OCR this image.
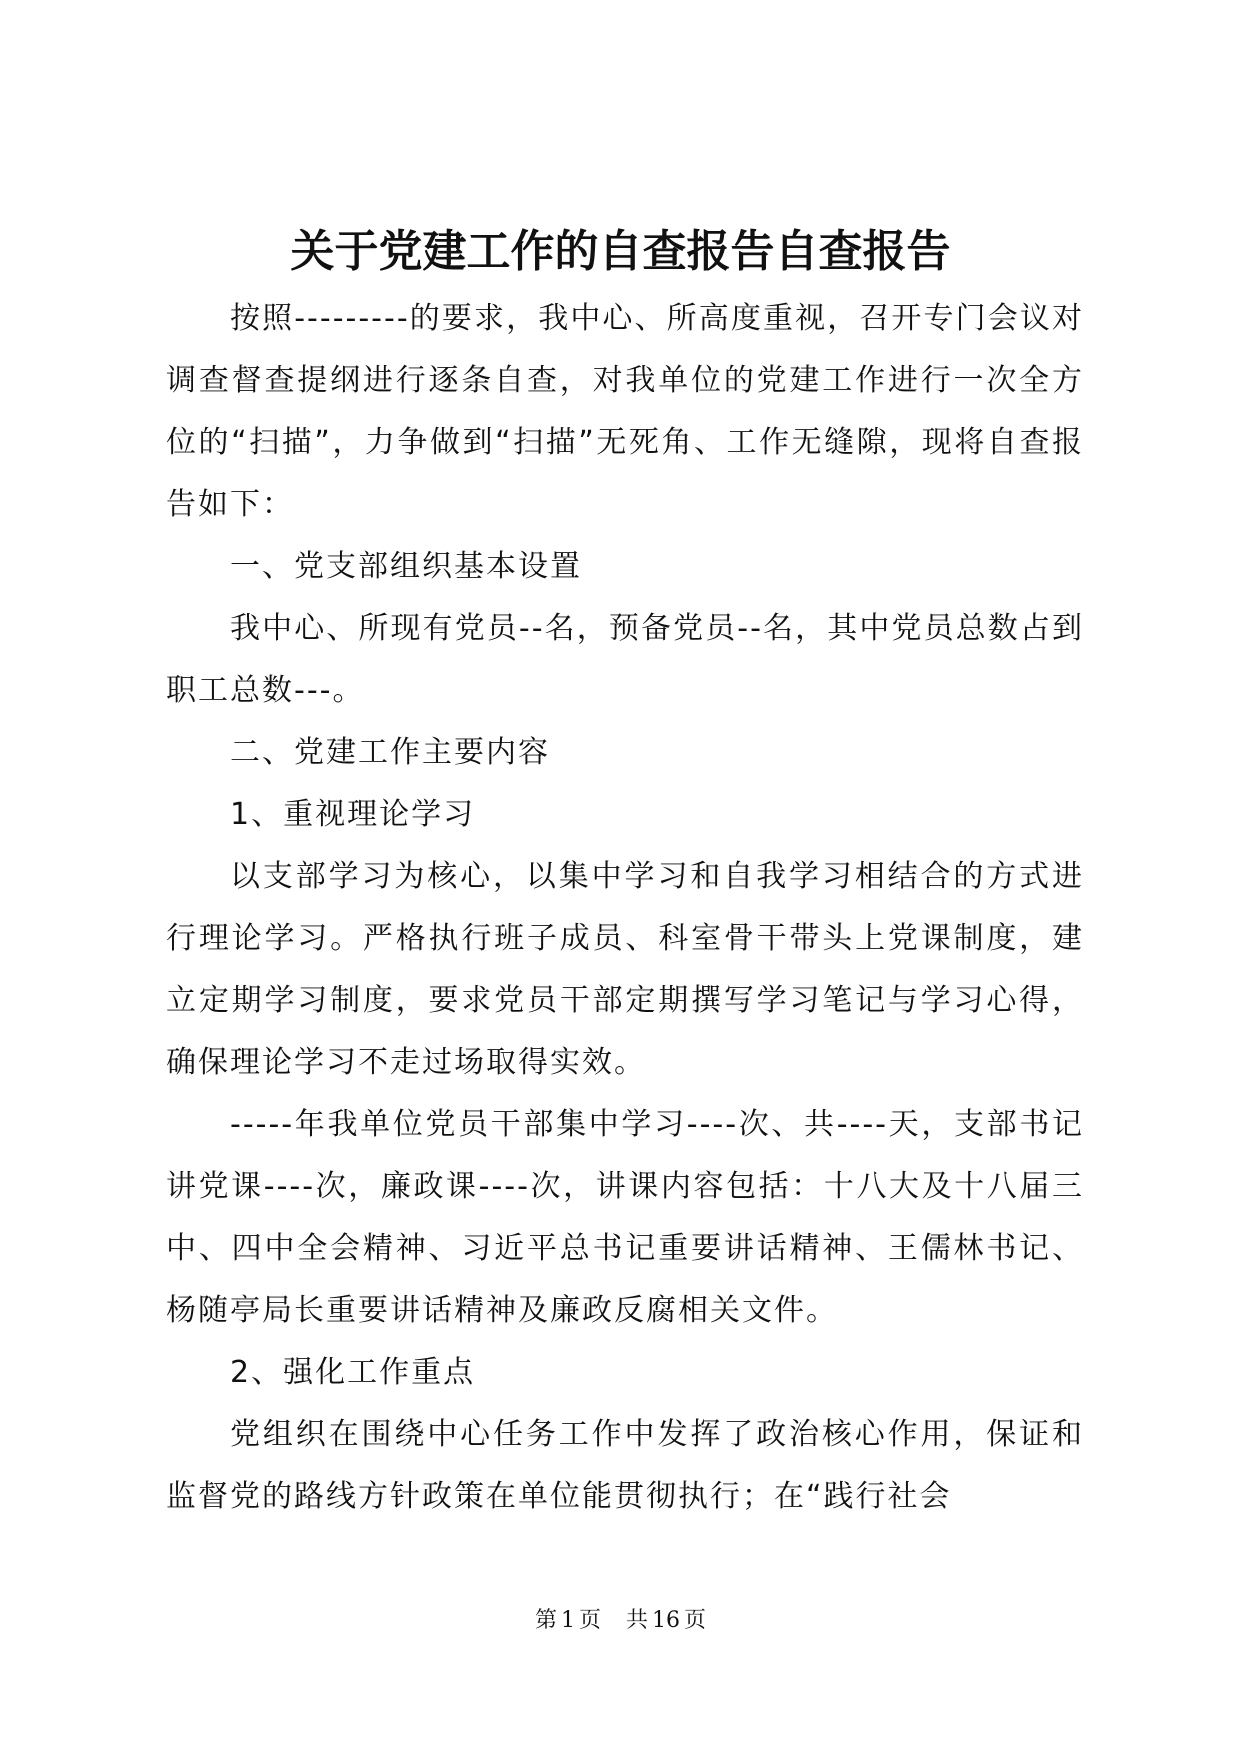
关于党建工作的自查报告自查报告

按照---------的要求，我中心、所高度重视，召开专门会议对调查督查提纲进行逐条自查，对我单位的党建工作进行一次全方位的“扫描”，力争做到“扫描”无死角、工作无缝隙，现将自查报告如下：

一、党支部组织基本设置

我中心、所现有党员--名，预备党员--名，其中党员总数占到职工总数---。

二、党建工作主要内容

1、重视理论学习

以支部学习为核心，以集中学习和自我学习相结合的方式进行理论学习。严格执行班子成员、科室骨干带头上党课制度，建立定期学习制度，要求党员干部定期撰写学习笔记与学习心得，确保理论学习不走过场取得实效。

-----年我单位党员干部集中学习----次、共----天，支部书记讲党课----次，廉政课----次，讲课内容包括：十八大及十八届三中、四中全会精神、习近平总书记重要讲话精神、王儒林书记、杨随亭局长重要讲话精神及廉政反腐相关文件。

2、强化工作重点

党组织在围绕中心任务工作中发挥了政治核心作用，保证和监督党的路线方针政策在单位能贯彻执行；在“践行社会

第 1 页 共 16 页
